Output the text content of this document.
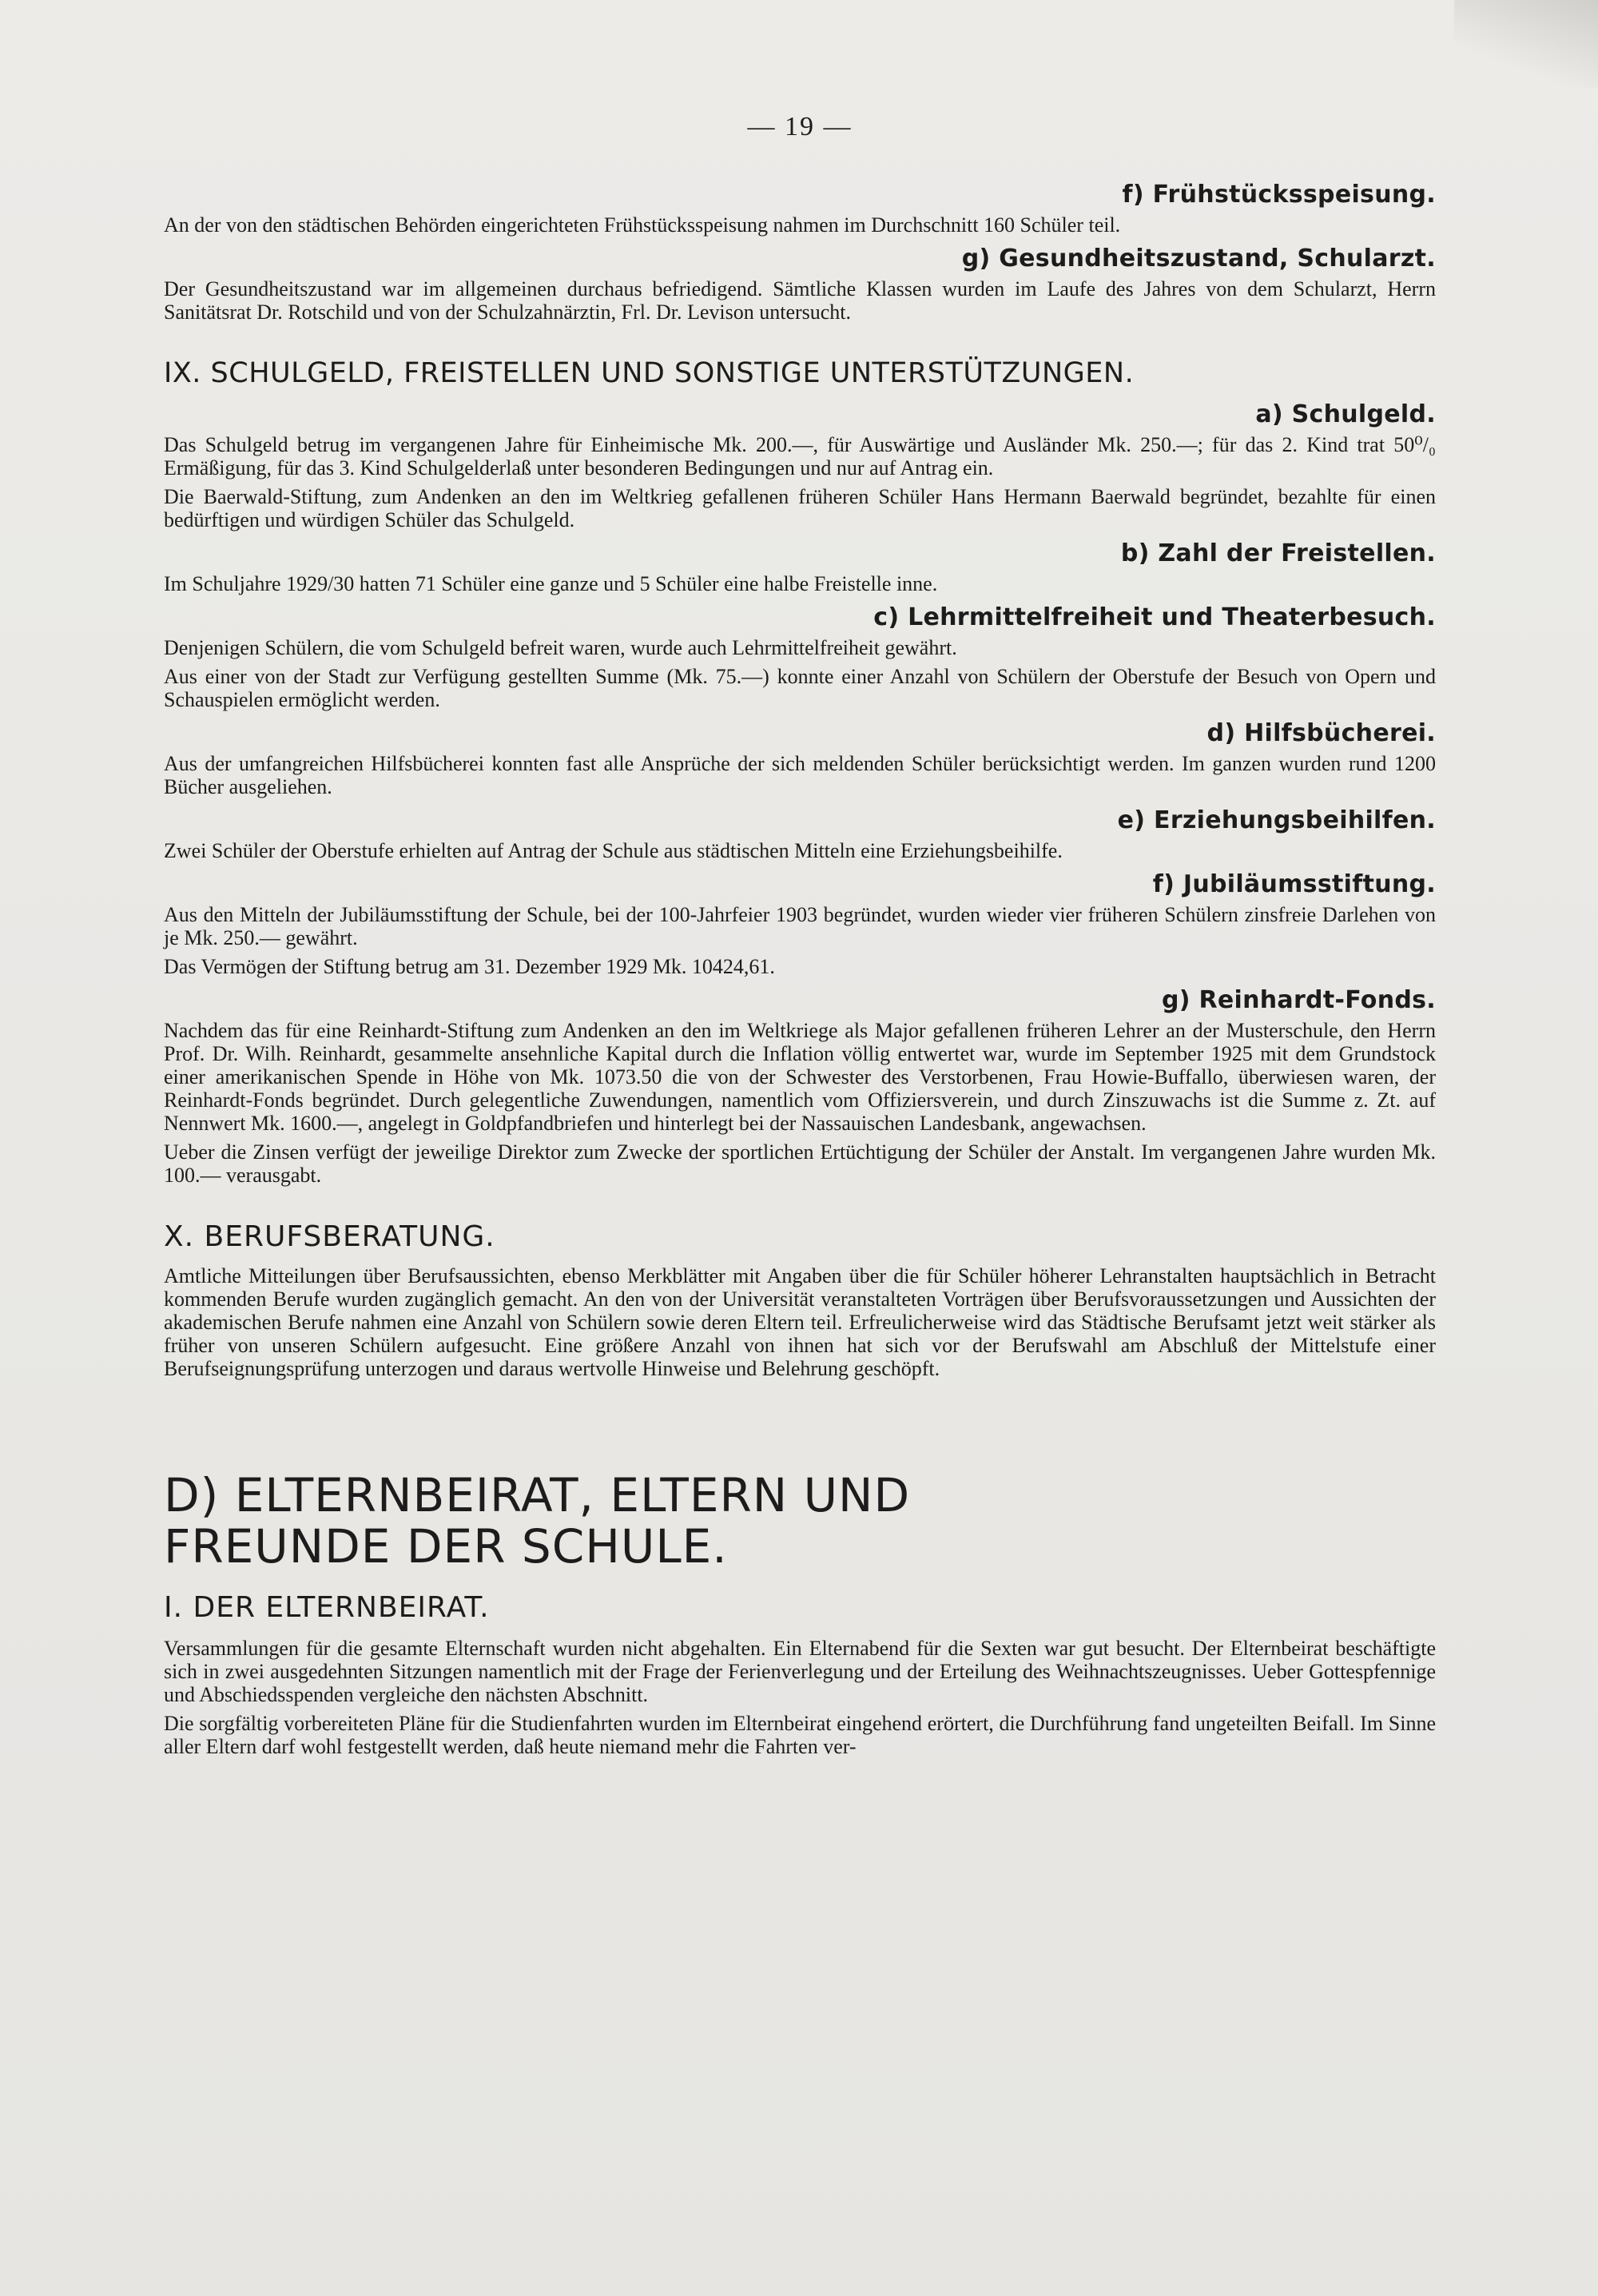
— 19 —
f) Frühstücksspeisung.

An der von den städtischen Behörden eingerichteten Frühstücksspeisung nahmen im Durchschnitt 160 Schüler teil.

g) Gesundheitszustand, Schularzt.

Der Gesundheitszustand war im allgemeinen durchaus befriedigend. Sämtliche Klassen wurden im Laufe des Jahres von dem Schularzt, Herrn Sanitätsrat Dr. Rotschild und von der Schulzahnärztin, Frl. Dr. Levison untersucht.

IX. SCHULGELD, FREISTELLEN UND SONSTIGE UNTERSTÜTZUNGEN.
a) Schulgeld.

Das Schulgeld betrug im vergangenen Jahre für Einheimische Mk. 200.—, für Auswärtige und Ausländer Mk. 250.—; für das 2. Kind trat 50⁰/₀ Ermäßigung, für das 3. Kind Schulgelderlaß unter besonderen Bedingungen und nur auf Antrag ein.

Die Baerwald-Stiftung, zum Andenken an den im Weltkrieg gefallenen früheren Schüler Hans Hermann Baerwald begründet, bezahlte für einen bedürftigen und würdigen Schüler das Schulgeld.

b) Zahl der Freistellen.

Im Schuljahre 1929/30 hatten 71 Schüler eine ganze und 5 Schüler eine halbe Freistelle inne.

c) Lehrmittelfreiheit und Theaterbesuch.

Denjenigen Schülern, die vom Schulgeld befreit waren, wurde auch Lehrmittelfreiheit gewährt.

Aus einer von der Stadt zur Verfügung gestellten Summe (Mk. 75.—) konnte einer Anzahl von Schülern der Oberstufe der Besuch von Opern und Schauspielen ermöglicht werden.

d) Hilfsbücherei.

Aus der umfangreichen Hilfsbücherei konnten fast alle Ansprüche der sich meldenden Schüler berücksichtigt werden. Im ganzen wurden rund 1200 Bücher ausgeliehen.

e) Erziehungsbeihilfen.

Zwei Schüler der Oberstufe erhielten auf Antrag der Schule aus städtischen Mitteln eine Erziehungsbeihilfe.

f) Jubiläumsstiftung.

Aus den Mitteln der Jubiläumsstiftung der Schule, bei der 100-Jahrfeier 1903 begründet, wurden wieder vier früheren Schülern zinsfreie Darlehen von je Mk. 250.— gewährt.

Das Vermögen der Stiftung betrug am 31. Dezember 1929 Mk. 10424,61.

g) Reinhardt-Fonds.

Nachdem das für eine Reinhardt-Stiftung zum Andenken an den im Weltkriege als Major gefallenen früheren Lehrer an der Musterschule, den Herrn Prof. Dr. Wilh. Reinhardt, gesammelte ansehnliche Kapital durch die Inflation völlig entwertet war, wurde im September 1925 mit dem Grundstock einer amerikanischen Spende in Höhe von Mk. 1073.50 die von der Schwester des Verstorbenen, Frau Howie-Buffallo, überwiesen waren, der Reinhardt-Fonds begründet. Durch gelegentliche Zuwendungen, namentlich vom Offiziersverein, und durch Zinszuwachs ist die Summe z. Zt. auf Nennwert Mk. 1600.—, angelegt in Goldpfandbriefen und hinterlegt bei der Nassauischen Landesbank, angewachsen.

Ueber die Zinsen verfügt der jeweilige Direktor zum Zwecke der sportlichen Ertüchtigung der Schüler der Anstalt. Im vergangenen Jahre wurden Mk. 100.— verausgabt.

X. BERUFSBERATUNG.

Amtliche Mitteilungen über Berufsaussichten, ebenso Merkblätter mit Angaben über die für Schüler höherer Lehranstalten hauptsächlich in Betracht kommenden Berufe wurden zugänglich gemacht. An den von der Universität veranstalteten Vorträgen über Berufsvoraussetzungen und Aussichten der akademischen Berufe nahmen eine Anzahl von Schülern sowie deren Eltern teil. Erfreulicherweise wird das Städtische Berufsamt jetzt weit stärker als früher von unseren Schülern aufgesucht. Eine größere Anzahl von ihnen hat sich vor der Berufswahl am Abschluß der Mittelstufe einer Berufseignungsprüfung unterzogen und daraus wertvolle Hinweise und Belehrung geschöpft.

D) ELTERNBEIRAT, ELTERN UND
FREUNDE DER SCHULE.
I. DER ELTERNBEIRAT.

Versammlungen für die gesamte Elternschaft wurden nicht abgehalten. Ein Elternabend für die Sexten war gut besucht. Der Elternbeirat beschäftigte sich in zwei ausgedehnten Sitzungen namentlich mit der Frage der Ferienverlegung und der Erteilung des Weihnachtszeugnisses. Ueber Gottespfennige und Abschiedsspenden vergleiche den nächsten Abschnitt.

Die sorgfältig vorbereiteten Pläne für die Studienfahrten wurden im Elternbeirat eingehend erörtert, die Durchführung fand ungeteilten Beifall. Im Sinne aller Eltern darf wohl festgestellt werden, daß heute niemand mehr die Fahrten ver-
